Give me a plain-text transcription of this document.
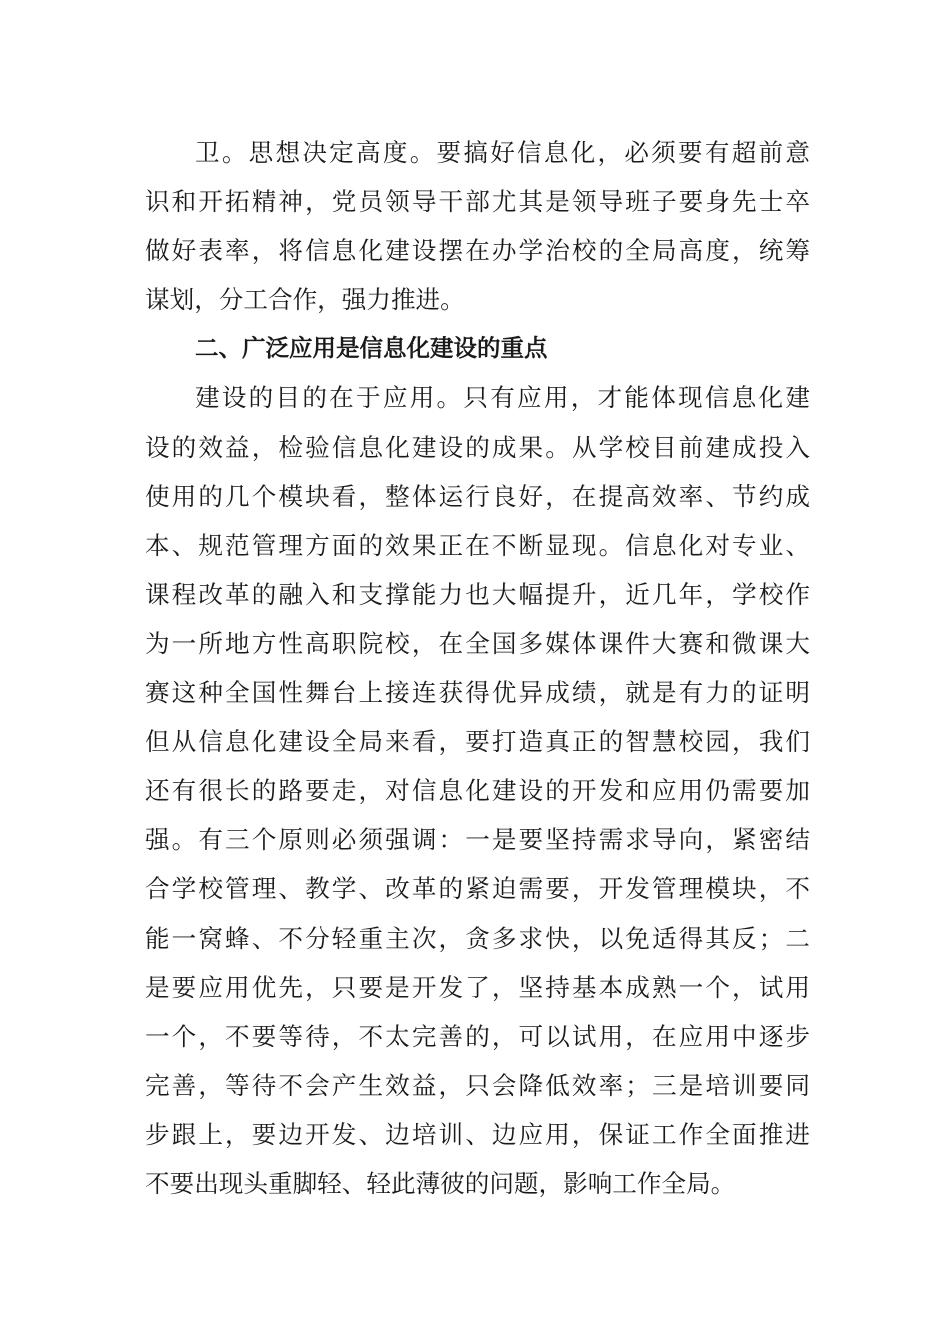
卫。思想决定高度。要搞好信息化，必须要有超前意
识和开拓精神，党员领导干部尤其是领导班子要身先士卒
做好表率，将信息化建设摆在办学治校的全局高度，统筹
谋划，分工合作，强力推进。
二、广泛应用是信息化建设的重点
建设的目的在于应用。只有应用，才能体现信息化建
设的效益，检验信息化建设的成果。从学校目前建成投入
使用的几个模块看，整体运行良好，在提高效率、节约成
本、规范管理方面的效果正在不断显现。信息化对专业、
课程改革的融入和支撑能力也大幅提升，近几年，学校作
为一所地方性高职院校，在全国多媒体课件大赛和微课大
赛这种全国性舞台上接连获得优异成绩，就是有力的证明
但从信息化建设全局来看，要打造真正的智慧校园，我们
还有很长的路要走，对信息化建设的开发和应用仍需要加
强。有三个原则必须强调：一是要坚持需求导向，紧密结
合学校管理、教学、改革的紧迫需要，开发管理模块，不
能一窝蜂、不分轻重主次，贪多求快，以免适得其反；二
是要应用优先，只要是开发了，坚持基本成熟一个，试用
一个，不要等待，不太完善的，可以试用，在应用中逐步
完善，等待不会产生效益，只会降低效率；三是培训要同
步跟上，要边开发、边培训、边应用，保证工作全面推进
不要出现头重脚轻、轻此薄彼的问题，影响工作全局。
